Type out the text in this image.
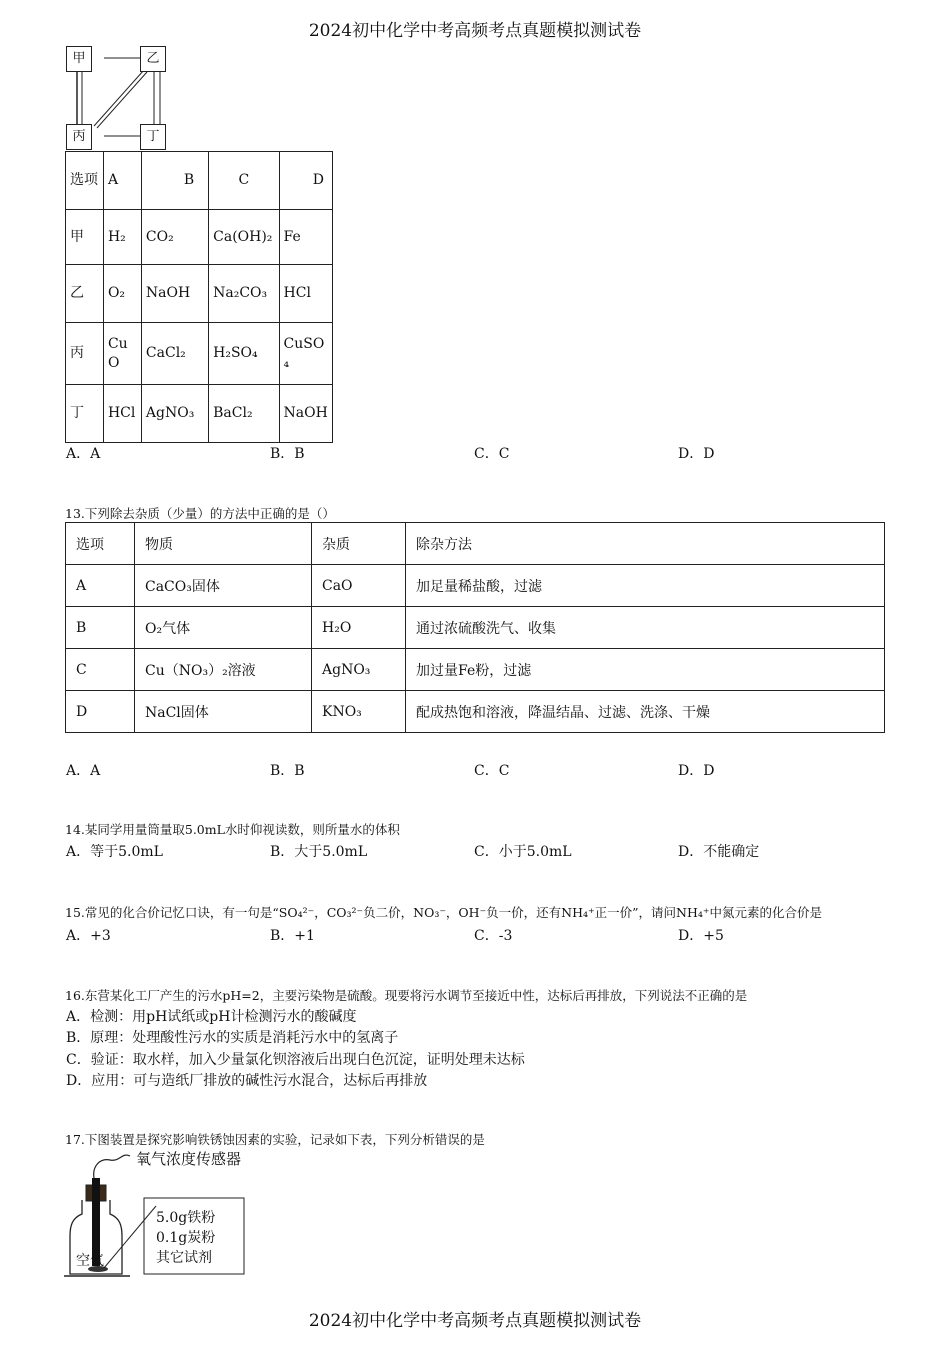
2024初中化学中考高频考点真题模拟测试卷
甲	乙
丙	丁
选项	A	B	C	D
甲	H₂	CO₂	Ca(OH)₂	Fe
乙	O₂	NaOH	Na₂CO₃	HCl
丙	CuO	CaCl₂	H₂SO₄	CuSO₄
丁	HCl	AgNO₃	BaCl₂	NaOH
A．A	B．B	C．C	D．D
13.下列除去杂质（少量）的方法中正确的是（）
选项	物质	杂质	除杂方法
A	CaCO₃固体	CaO	加足量稀盐酸，过滤
B	O₂气体	H₂O	通过浓硫酸洗气、收集
C	Cu（NO₃）₂溶液	AgNO₃	加过量Fe粉，过滤
D	NaCl固体	KNO₃	配成热饱和溶液，降温结晶、过滤、洗涤、干燥
A．A	B．B	C．C	D．D
14.某同学用量筒量取5.0mL水时仰视读数，则所量水的体积
A．等于5.0mL	B．大于5.0mL	C．小于5.0mL	D．不能确定
15.常见的化合价记忆口诀，有一句是“SO₄²⁻，CO₃²⁻负二价，NO₃⁻，OH⁻负一价，还有NH₄⁺正一价”，请问NH₄⁺中氮元素的化合价是
A．+3	B．+1	C．-3	D．+5
16.东营某化工厂产生的污水pH=2，主要污染物是硫酸。现要将污水调节至接近中性，达标后再排放，下列说法不正确的是
A．检测：用pH试纸或pH计检测污水的酸碱度
B．原理：处理酸性污水的实质是消耗污水中的氢离子
C．验证：取水样，加入少量氯化钡溶液后出现白色沉淀，证明处理未达标
D．应用：可与造纸厂排放的碱性污水混合，达标后再排放
17.下图装置是探究影响铁锈蚀因素的实验，记录如下表，下列分析错误的是
氧气浓度传感器
空气
5.0g铁粉
0.1g炭粉
其它试剂
2024初中化学中考高频考点真题模拟测试卷
